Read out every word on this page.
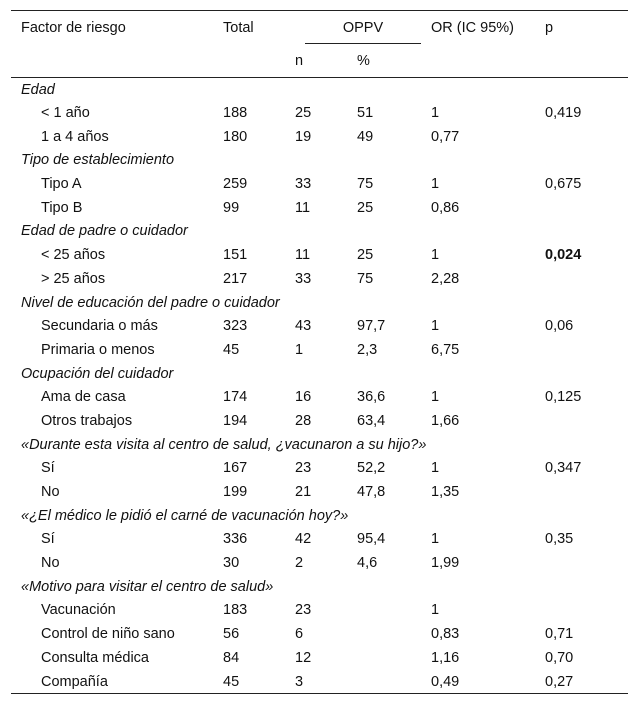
Factor de riesgo	Total	OPPV		OR (IC 95%)	p
		n	%		
Edad					
< 1 año	188	25	51	1	0,419
1 a 4 años	180	19	49	0,77	
Tipo de establecimiento					
Tipo A	259	33	75	1	0,675
Tipo B	99	11	25	0,86	
Edad de padre o cuidador					
< 25 años	151	11	25	1	0,024
> 25 años	217	33	75	2,28	
Nivel de educación del padre o cuidador					
Secundaria o más	323	43	97,7	1	0,06
Primaria o menos	45	1	2,3	6,75	
Ocupación del cuidador					
Ama de casa	174	16	36,6	1	0,125
Otros trabajos	194	28	63,4	1,66	
«Durante esta visita al centro de salud, ¿vacunaron a su hijo?»					
Sí	167	23	52,2	1	0,347
No	199	21	47,8	1,35	
«¿El médico le pidió el carné de vacunación hoy?»					
Sí	336	42	95,4	1	0,35
No	30	2	4,6	1,99	
«Motivo para visitar el centro de salud»					
Vacunación	183	23		1	
Control de niño sano	56	6		0,83	0,71
Consulta médica	84	12		1,16	0,70
Compañía	45	3		0,49	0,27
